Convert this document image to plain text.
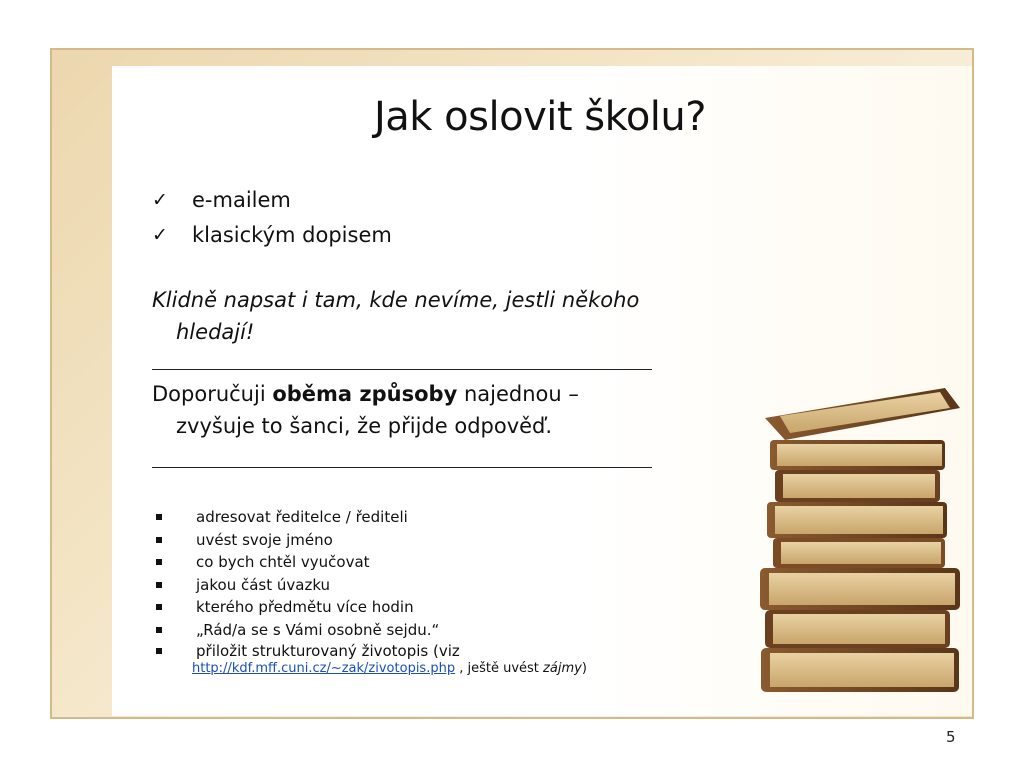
Jak oslovit školu?
✓	e-mailem
✓	klasickým dopisem
Klidně napsat i tam, kde nevíme, jestli někoho
hledají!
Doporučuji oběma způsoby najednou –
zvyšuje to šanci, že přijde odpověď.
adresovat ředitelce / řediteli
uvést svoje jméno
co bych chtěl vyučovat
jakou část úvazku
kterého předmětu více hodin
„Rád/a se s Vámi osobně sejdu.“
přiložit strukturovaný životopis (viz
http://kdf.mff.cuni.cz/~zak/zivotopis.php , ještě uvést zájmy)
5
